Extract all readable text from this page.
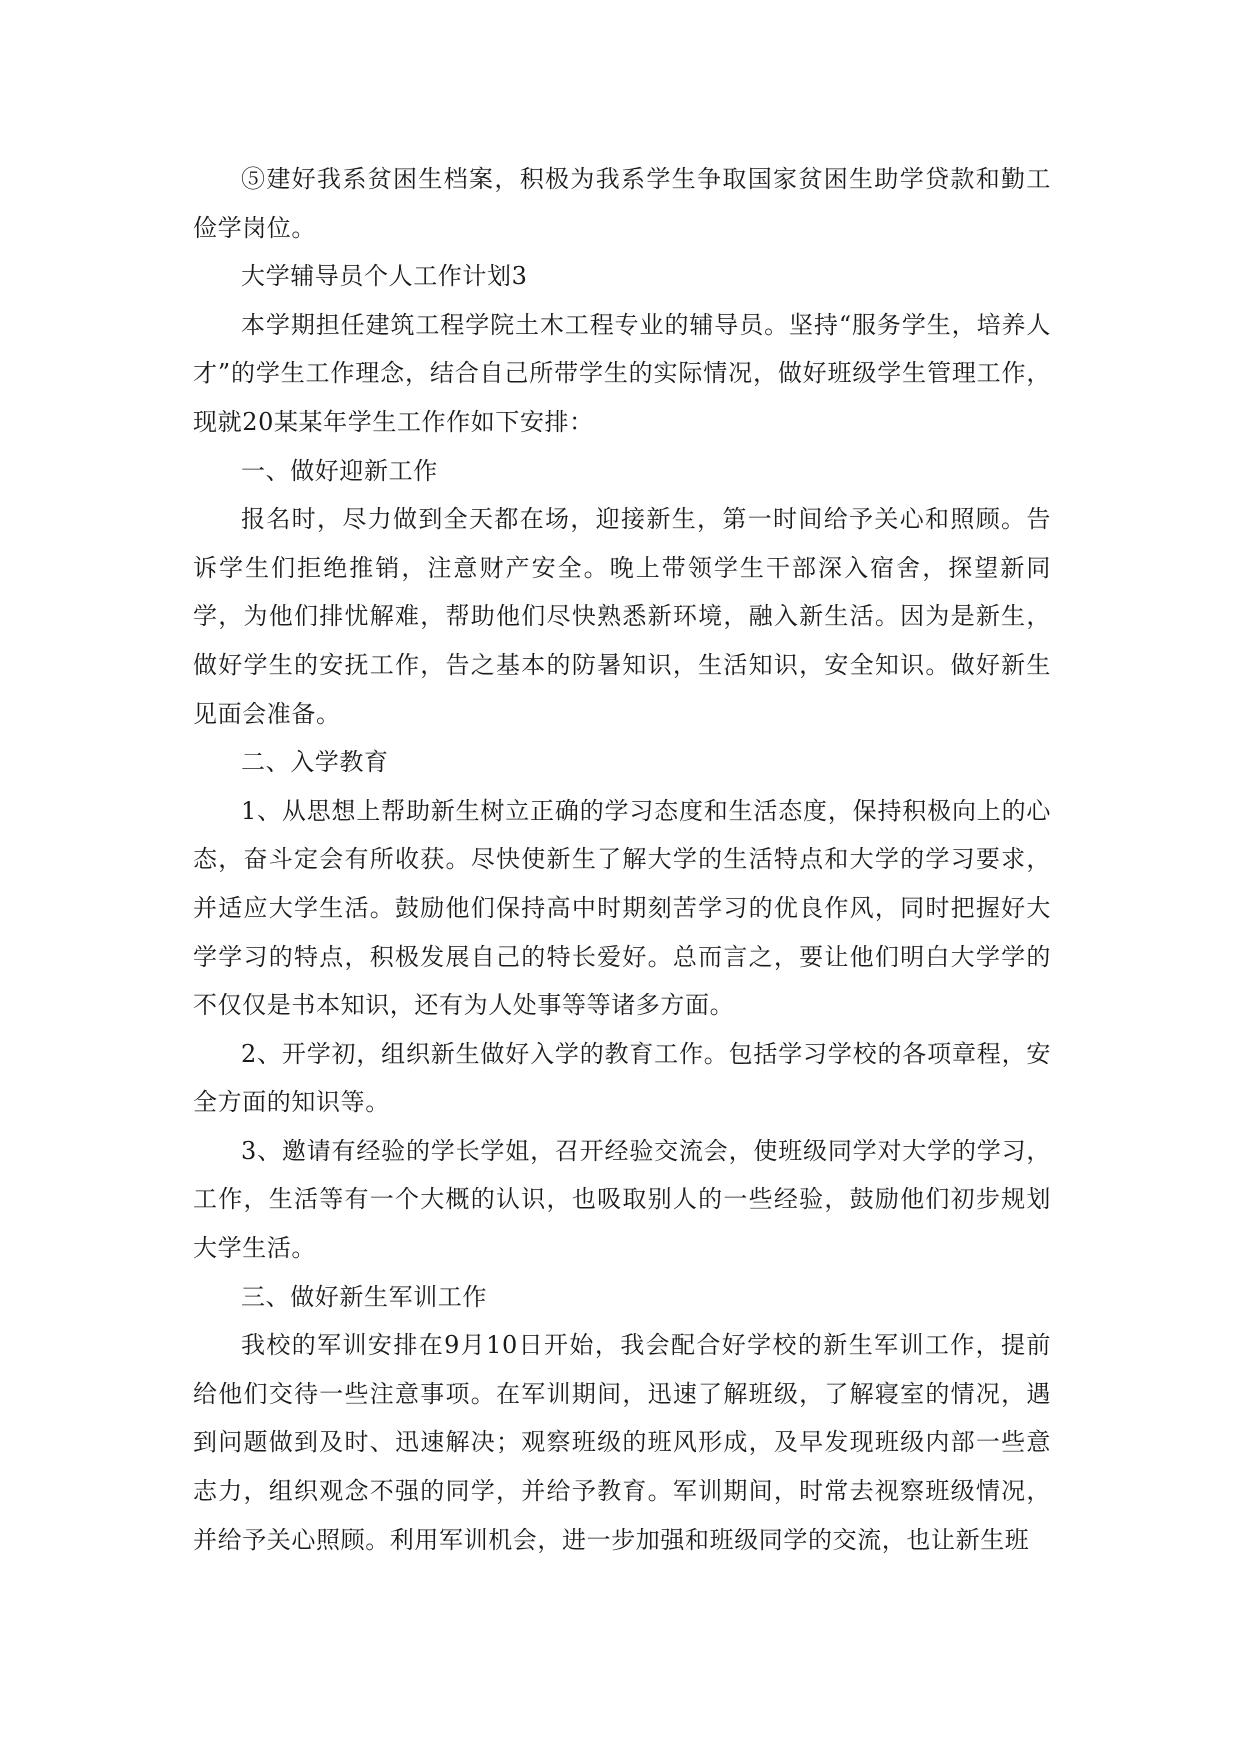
⑤建好我系贫困生档案，积极为我系学生争取国家贫困生助学贷款和勤工俭学岗位。

大学辅导员个人工作计划3

本学期担任建筑工程学院土木工程专业的辅导员。坚持“服务学生，培养人才”的学生工作理念，结合自己所带学生的实际情况，做好班级学生管理工作，现就20某某年学生工作作如下安排：

一、做好迎新工作

报名时，尽力做到全天都在场，迎接新生，第一时间给予关心和照顾。告诉学生们拒绝推销，注意财产安全。晚上带领学生干部深入宿舍，探望新同学，为他们排忧解难，帮助他们尽快熟悉新环境，融入新生活。因为是新生，做好学生的安抚工作，告之基本的防暑知识，生活知识，安全知识。做好新生见面会准备。

二、入学教育

1、从思想上帮助新生树立正确的学习态度和生活态度，保持积极向上的心态，奋斗定会有所收获。尽快使新生了解大学的生活特点和大学的学习要求，并适应大学生活。鼓励他们保持高中时期刻苦学习的优良作风，同时把握好大学学习的特点，积极发展自己的特长爱好。总而言之，要让他们明白大学学的不仅仅是书本知识，还有为人处事等等诸多方面。

2、开学初，组织新生做好入学的教育工作。包括学习学校的各项章程，安全方面的知识等。

3、邀请有经验的学长学姐，召开经验交流会，使班级同学对大学的学习，工作，生活等有一个大概的认识，也吸取别人的一些经验，鼓励他们初步规划大学生活。

三、做好新生军训工作

我校的军训安排在9月10日开始，我会配合好学校的新生军训工作，提前给他们交待一些注意事项。在军训期间，迅速了解班级，了解寝室的情况，遇到问题做到及时、迅速解决；观察班级的班风形成，及早发现班级内部一些意志力，组织观念不强的同学，并给予教育。军训期间，时常去视察班级情况，并给予关心照顾。利用军训机会，进一步加强和班级同学的交流，也让新生班
